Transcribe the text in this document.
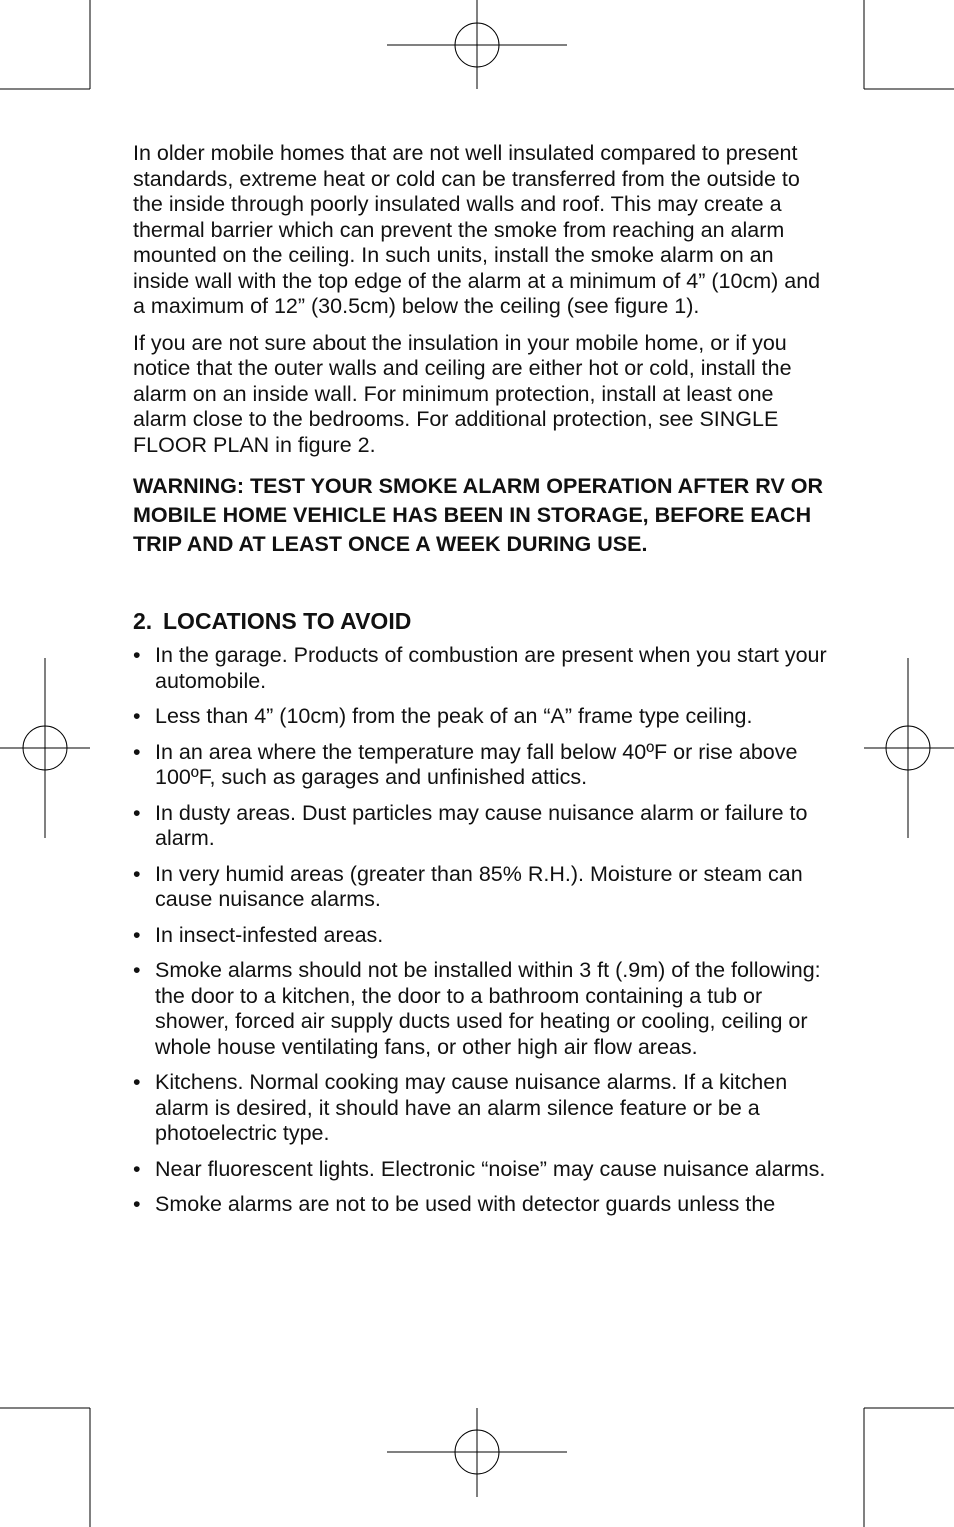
In older mobile homes that are not well insulated compared to present standards, extreme heat or cold can be transferred from the outside to the inside through poorly insulated walls and roof. This may create a thermal barrier which can prevent the smoke from reaching an alarm mounted on the ceiling. In such units, install the smoke alarm on an inside wall with the top edge of the alarm at a minimum of 4” (10cm) and a maximum of 12” (30.5cm) below the ceiling (see figure 1).

If you are not sure about the insulation in your mobile home, or if you notice that the outer walls and ceiling are either hot or cold, install the alarm on an inside wall. For minimum protection, install at least one alarm close to the bedrooms. For additional protection, see SINGLE FLOOR PLAN in figure 2.

WARNING: TEST YOUR SMOKE ALARM OPERATION AFTER RV OR MOBILE HOME VEHICLE HAS BEEN IN STORAGE, BEFORE EACH TRIP AND AT LEAST ONCE A WEEK DURING USE.

2. LOCATIONS TO AVOID
• In the garage. Products of combustion are present when you start your automobile.
• Less than 4” (10cm) from the peak of an “A” frame type ceiling.
• In an area where the temperature may fall below 40ºF or rise above 100ºF, such as garages and unfinished attics.
• In dusty areas. Dust particles may cause nuisance alarm or failure to alarm.
• In very humid areas (greater than 85% R.H.). Moisture or steam can cause nuisance alarms.
• In insect-infested areas.
• Smoke alarms should not be installed within 3 ft (.9m) of the following: the door to a kitchen, the door to a bathroom containing a tub or shower, forced air supply ducts used for heating or cooling, ceiling or whole house ventilating fans, or other high air flow areas.
• Kitchens. Normal cooking may cause nuisance alarms. If a kitchen alarm is desired, it should have an alarm silence feature or be a photoelectric type.
• Near fluorescent lights. Electronic “noise” may cause nuisance alarms.
• Smoke alarms are not to be used with detector guards unless the
